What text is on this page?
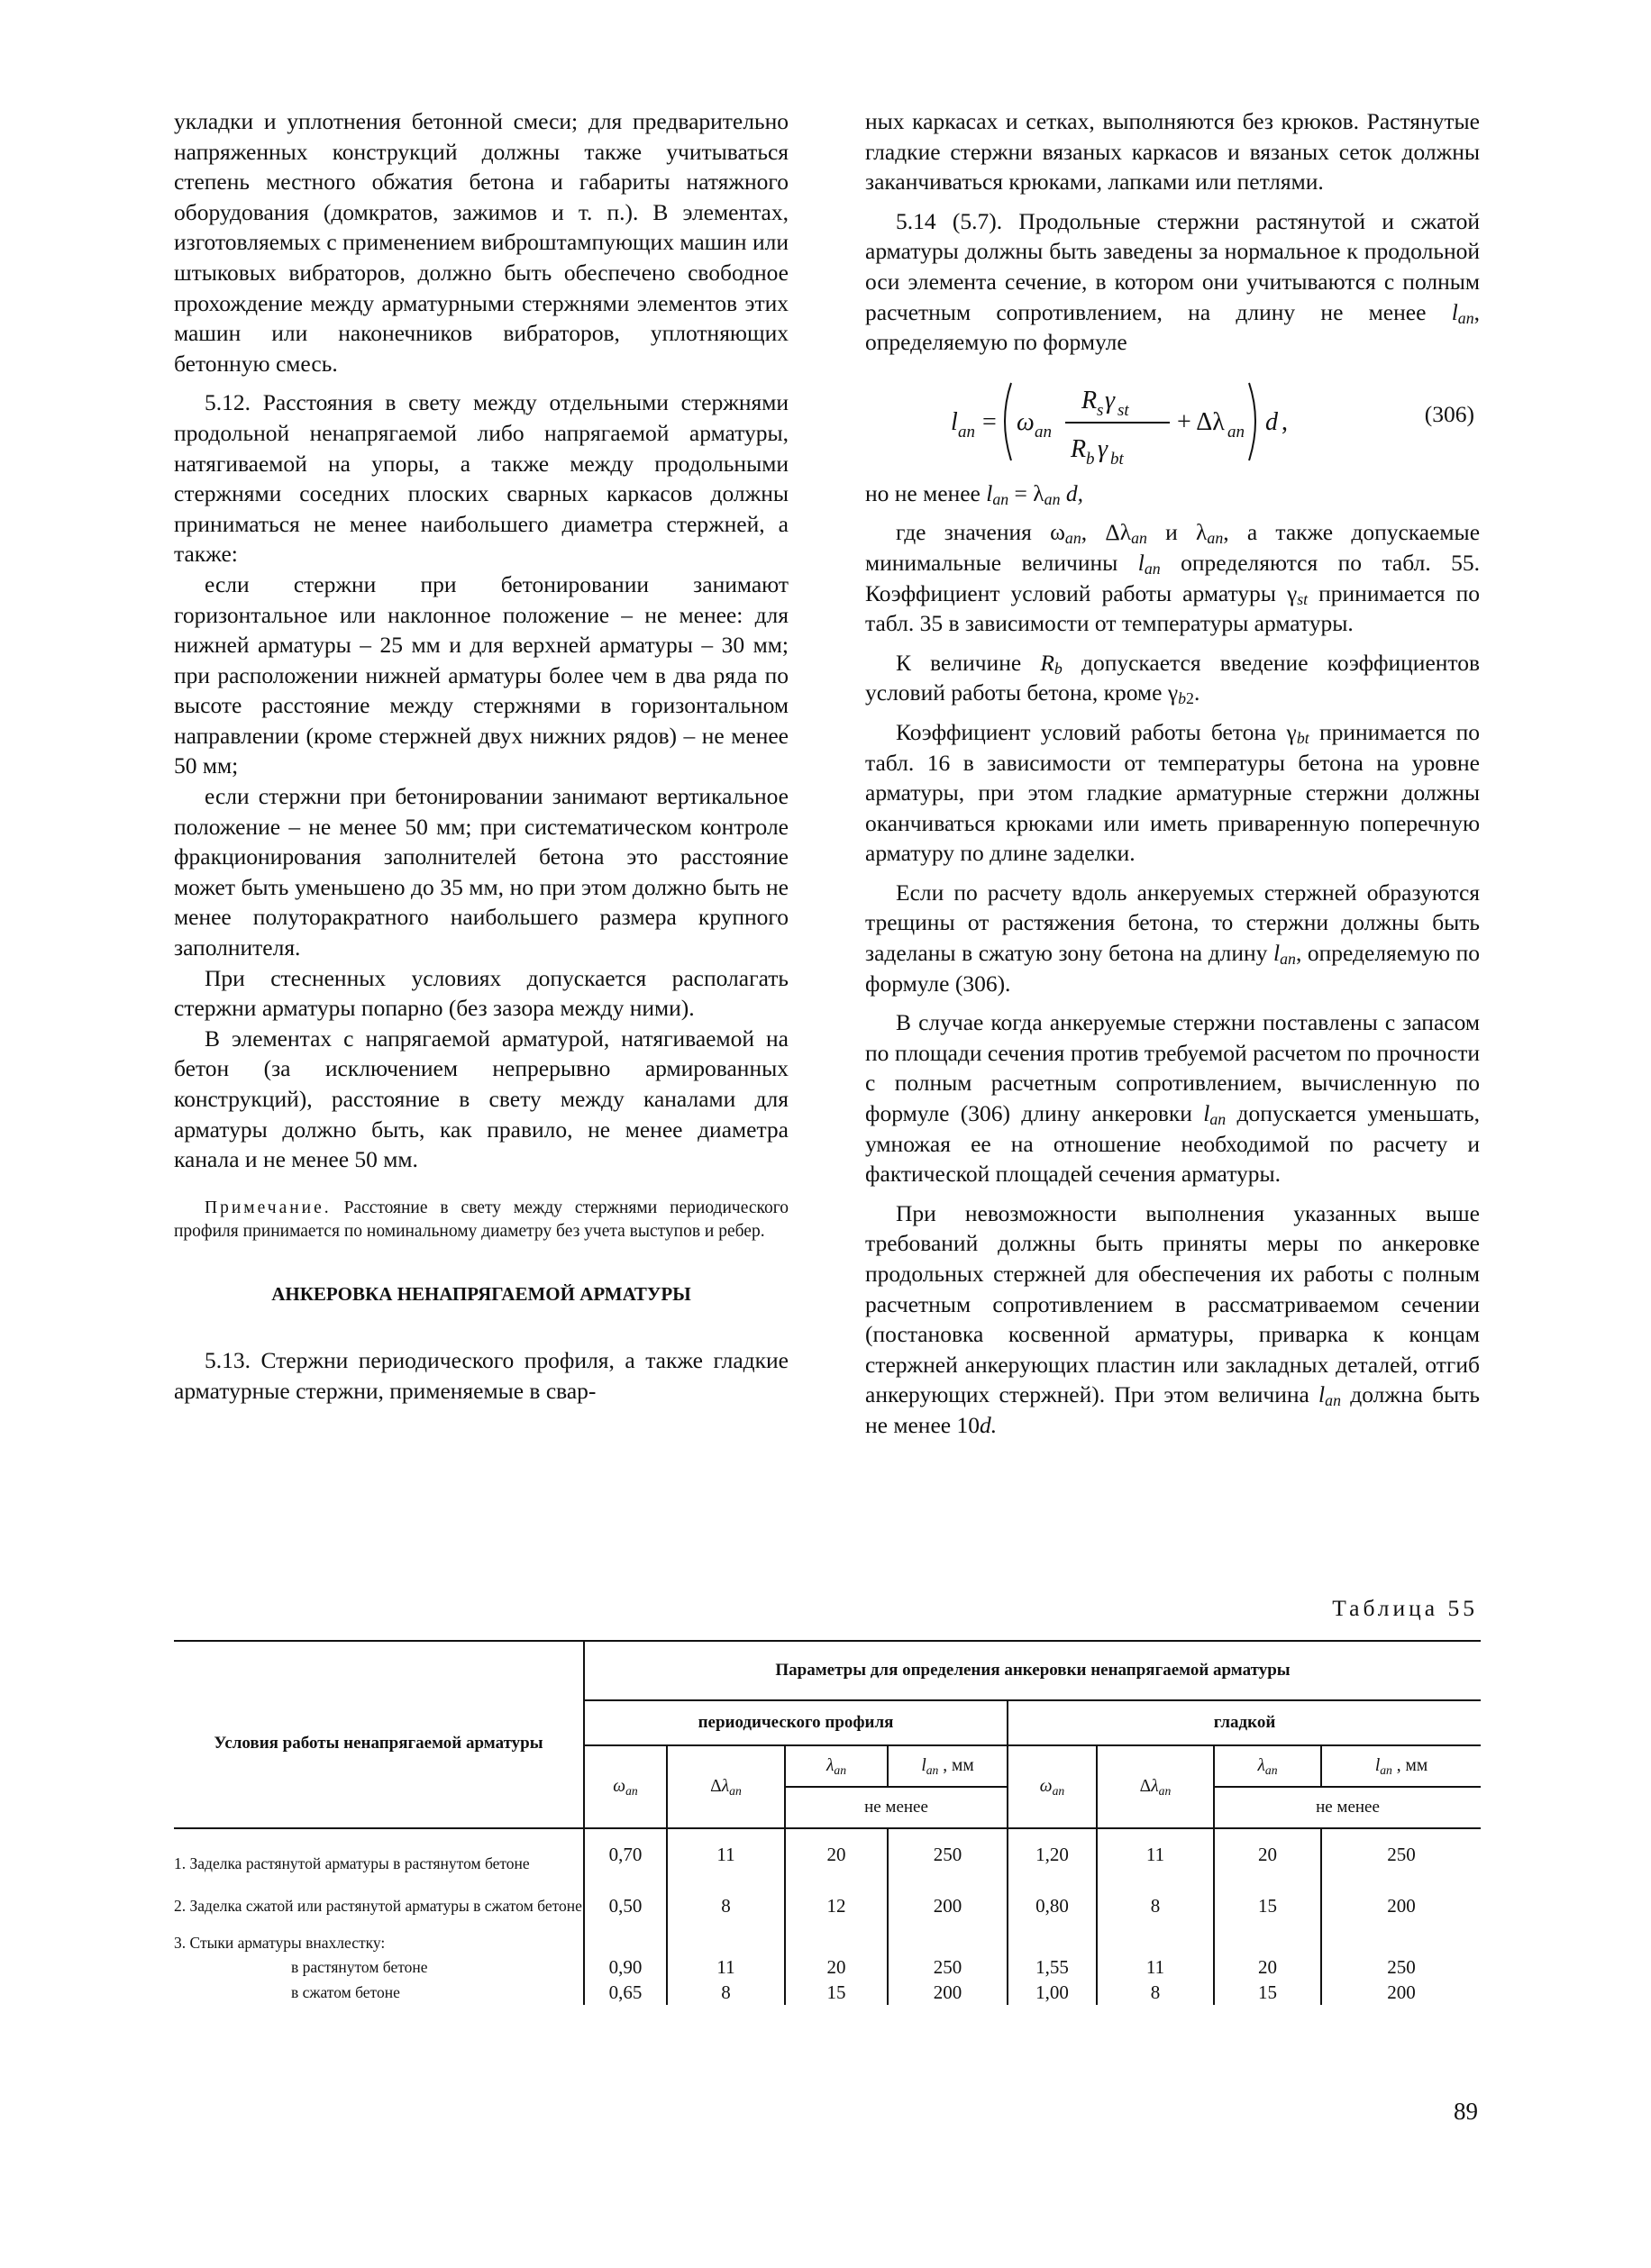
укладки и уплотнения бетонной смеси; для предварительно напряженных конструкций должны также учитываться степень местного обжатия бетона и габариты натяжного оборудования (домкратов, зажимов и т. п.). В элементах, изготовляемых с применением виброштампующих машин или штыковых вибраторов, должно быть обеспечено свободное прохождение между арматурными стержнями элементов этих машин или наконечников вибраторов, уплотняющих бетонную смесь.

5.12. Расстояния в свету между отдельными стержнями продольной ненапрягаемой либо напрягаемой арматуры, натягиваемой на упоры, а также между продольными стержнями соседних плоских сварных каркасов должны приниматься не менее наибольшего диаметра стержней, а также:

если стержни при бетонировании занимают горизонтальное или наклонное положение – не менее: для нижней арматуры – 25 мм и для верхней арматуры – 30 мм; при расположении нижней арматуры более чем в два ряда по высоте расстояние между стержнями в горизонтальном направлении (кроме стержней двух нижних рядов) – не менее 50 мм;

если стержни при бетонировании занимают вертикальное положение – не менее 50 мм; при систематическом контроле фракционирования заполнителей бетона это расстояние может быть уменьшено до 35 мм, но при этом должно быть не менее полуторакратного наибольшего размера крупного заполнителя.

При стесненных условиях допускается располагать стержни арматуры попарно (без зазора между ними).

В элементах с напрягаемой арматурой, натягиваемой на бетон (за исключением непрерывно армированных конструкций), расстояние в свету между каналами для арматуры должно быть, как правило, не менее диаметра канала и не менее 50 мм.

Примечание. Расстояние в свету между стержнями периодического профиля принимается по номинальному диаметру без учета выступов и ребер.

АНКЕРОВКА НЕНАПРЯГАЕМОЙ АРМАТУРЫ

5.13. Стержни периодического профиля, а также гладкие арматурные стержни, применяемые в свар-

ных каркасах и сетках, выполняются без крюков. Растянутые гладкие стержни вязаных каркасов и вязаных сеток должны заканчиваться крюками, лапками или петлями.

5.14 (5.7). Продольные стержни растянутой и сжатой арматуры должны быть заведены за нормальное к продольной оси элемента сечение, в котором они учитываются с полным расчетным сопротивлением, на длину не менее $l_{an}$, определяемую по формуле

l an = ω an
R s γ st
R b γ bt
+ Δλ an d ,	(306)

но не менее $l_{an} = \lambda_{an}$ d,

где значения $\omega_{an}$, $\Delta\lambda_{an}$ и $\lambda_{an}$, а также допускаемые минимальные величины $l_{an}$ определяются по табл. 55. Коэффициент условий работы арматуры $\gamma_{st}$ принимается по табл. 35 в зависимости от температуры арматуры.

К величине $R_b$ допускается введение коэффициентов условий работы бетона, кроме $\gamma_{b2}$.

Коэффициент условий работы бетона $\gamma_{bt}$ принимается по табл. 16 в зависимости от температуры бетона на уровне арматуры, при этом гладкие арматурные стержни должны оканчиваться крюками или иметь приваренную поперечную арматуру по длине заделки.

Если по расчету вдоль анкеруемых стержней образуются трещины от растяжения бетона, то стержни должны быть заделаны в сжатую зону бетона на длину $l_{an}$, определяемую по формуле (306).

В случае когда анкеруемые стержни поставлены с запасом по площади сечения против требуемой расчетом по прочности с полным расчетным сопротивлением, вычисленную по формуле (306) длину анкеровки $l_{an}$ допускается уменьшать, умножая ее на отношение необходимой по расчету и фактической площадей сечения арматуры.

При невозможности выполнения указанных выше требований должны быть приняты меры по анкеровке продольных стержней для обеспечения их работы с полным расчетным сопротивлением в рассматриваемом сечении (постановка косвенной арматуры, приварка к концам стержней анкерующих пластин или закладных деталей, отгиб анкерующих стержней). При этом величина $l_{an}$ должна быть не менее 10d.

Таблица 55
Условия работы ненапрягаемой арматуры	Параметры для определения анкеровки ненапрягаемой арматуры							
	периодического профиля				гладкой			
	$\omega_{an}$	$\Delta\lambda_{an}$	$\lambda_{an}$	$l_{an}$ , мм	$\omega_{an}$	$\Delta\lambda_{an}$	$\lambda_{an}$	$l_{an}$ , мм
			не менее				не менее	
1. Заделка растянутой арматуры в растянутом бетоне	0,70	11	20	250	1,20	11	20	250
2. Заделка сжатой или растянутой арматуры в сжатом бетоне	0,50	8	12	200	0,80	8	15	200
3. Стыки арматуры внахлестку:								
в растянутом бетоне	0,90	11	20	250	1,55	11	20	250
в сжатом бетоне	0,65	8	15	200	1,00	8	15	200
89
